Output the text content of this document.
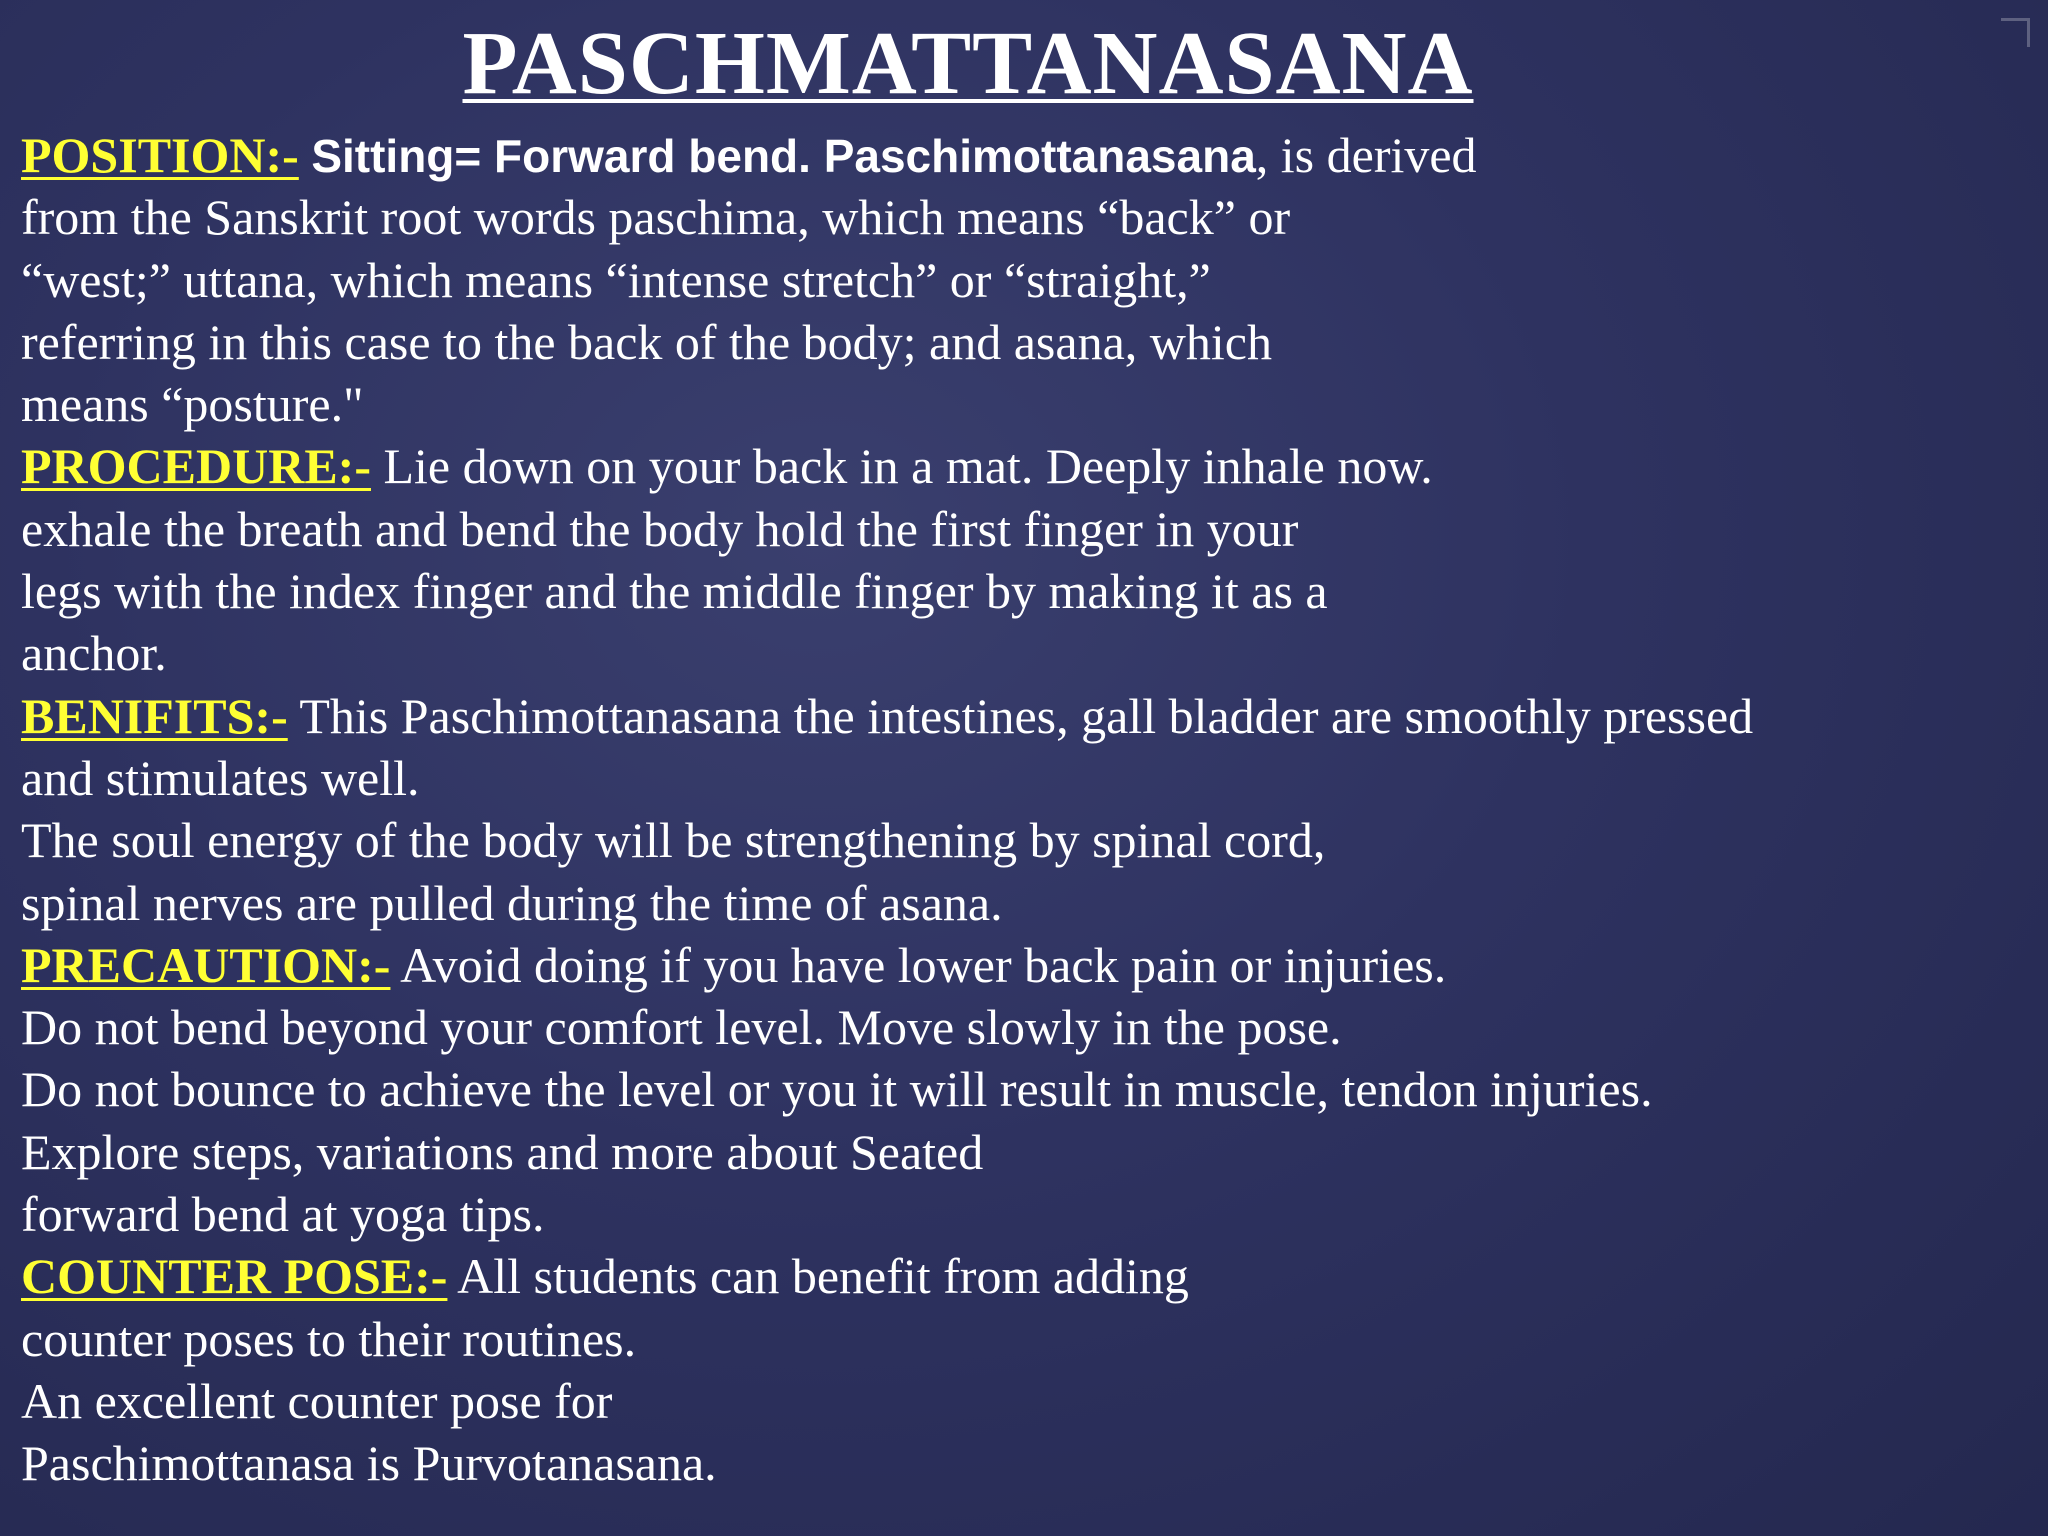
PASCHMATTANASANA
POSITION:- Sitting= Forward bend. Paschimottanasana, is derived
from the Sanskrit root words paschima, which means “back” or
“west;” uttana, which means “intense stretch” or “straight,”
referring in this case to the back of the body; and asana, which
means “posture."
PROCEDURE:- Lie down on your back in a mat. Deeply inhale now.
exhale the breath and bend the body hold the first finger in your
legs with the index finger and the middle finger by making it as a
anchor.
BENIFITS:- This Paschimottanasana the intestines, gall bladder are smoothly pressed
and stimulates well.
The soul energy of the body will be strengthening by spinal cord,
spinal nerves are pulled during the time of asana.
PRECAUTION:- Avoid doing if you have lower back pain or injuries.
Do not bend beyond your comfort level. Move slowly in the pose.
Do not bounce to achieve the level or you it will result in muscle, tendon injuries.
Explore steps, variations and more about Seated
forward bend at yoga tips.
COUNTER POSE:- All students can benefit from adding
counter poses to their routines.
An excellent counter pose for
Paschimottanasa is Purvotanasana.
